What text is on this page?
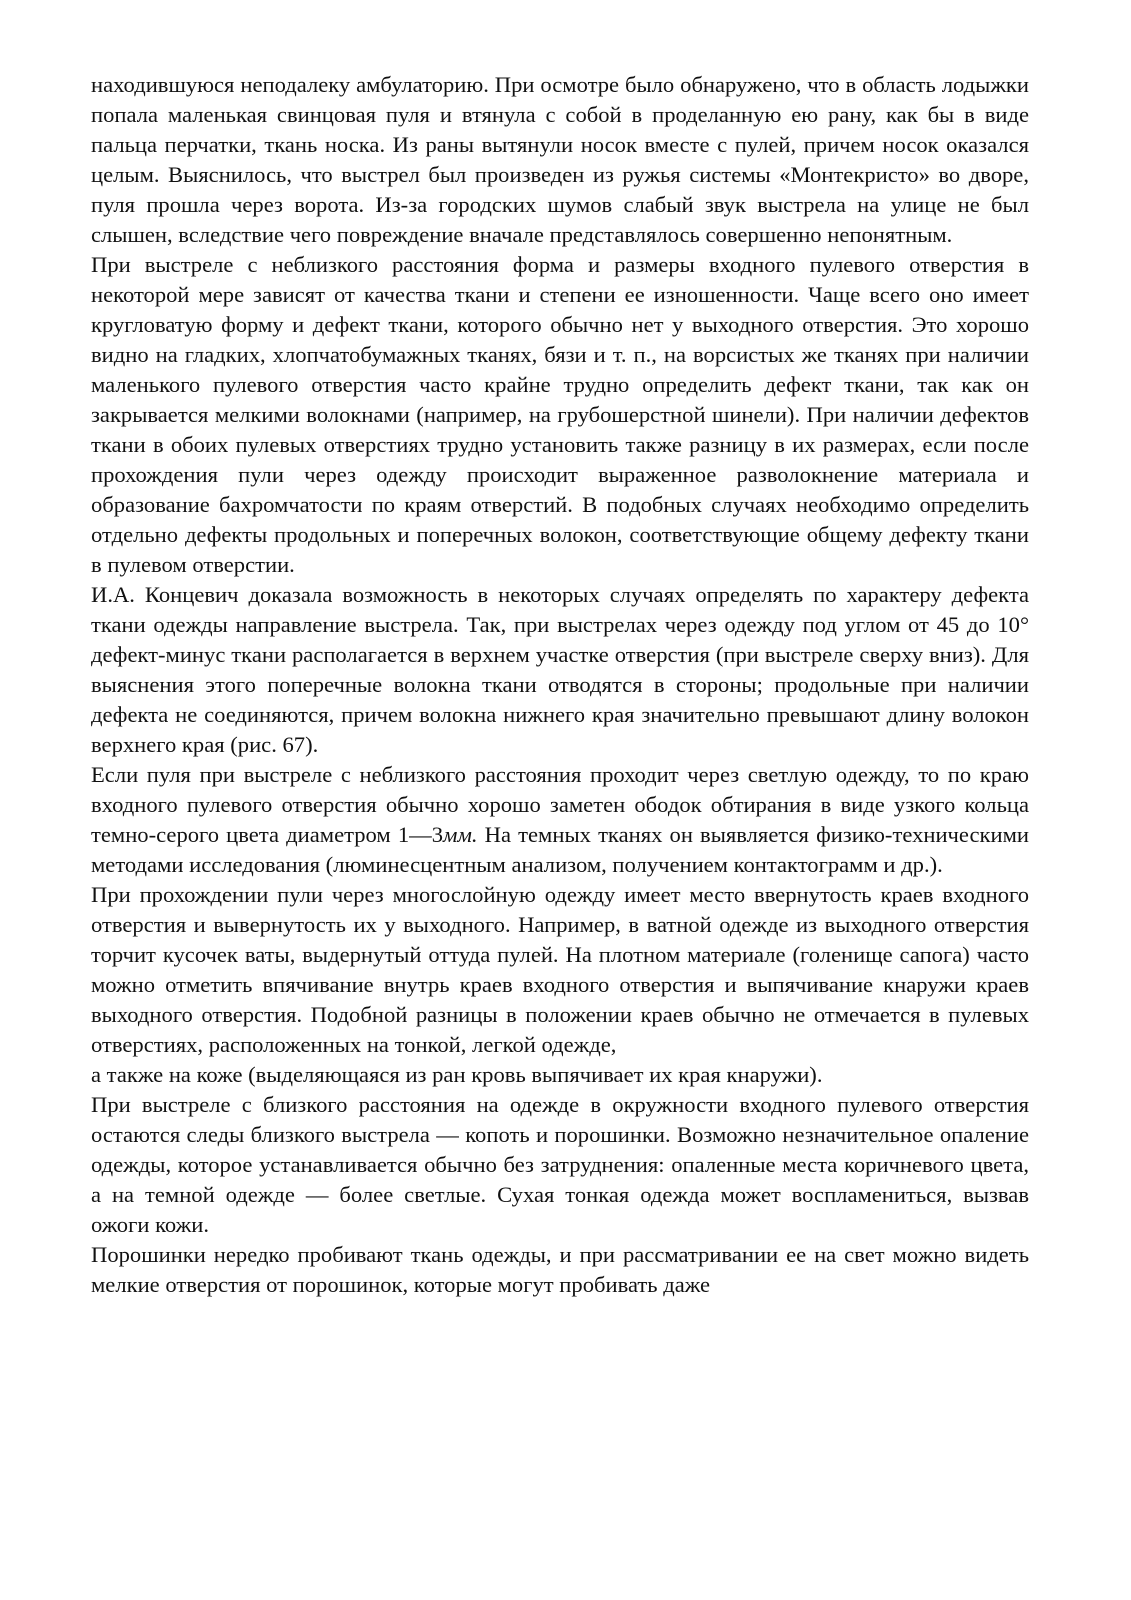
находившуюся неподалеку амбулаторию. При осмотре было обнаружено, что в область лодыжки попала маленькая свинцовая пуля и втянула с собой в проделанную ею рану, как бы в виде пальца перчатки, ткань носка. Из раны вытянули носок вместе с пулей, причем носок оказался целым. Выяснилось, что выстрел был произведен из ружья системы «Монтекристо» во дворе, пуля прошла через ворота. Из-за городских шумов слабый звук выстрела на улице не был слышен, вследствие чего повреждение вначале представлялось совершенно непонятным.

При выстреле с неблизкого расстояния форма и размеры входного пулевого отверстия в некоторой мере зависят от качества ткани и степени ее изношенности. Чаще всего оно имеет кругловатую форму и дефект ткани, которого обычно нет у выходного отверстия. Это хорошо видно на гладких, хлопчатобумажных тканях, бязи и т. п., на ворсистых же тканях при наличии маленького пулевого отверстия часто крайне трудно определить дефект ткани, так как он закрывается мелкими волокнами (например, на грубошерстной шинели). При наличии дефектов ткани в обоих пулевых отверстиях трудно установить также разницу в их размерах, если после прохождения пули через одежду происходит выраженное разволокнение материала и образование бахромчатости по краям отверстий. В подобных случаях необходимо определить отдельно дефекты продольных и поперечных волокон, соответствующие общему дефекту ткани в пулевом отверстии.

И.А. Концевич доказала возможность в некоторых случаях определять по характеру дефекта ткани одежды направление выстрела. Так, при выстрелах через одежду под углом от 45 до 10° дефект-минус ткани располагается в верхнем участке отверстия (при выстреле сверху вниз). Для выяснения этого поперечные волокна ткани отводятся в стороны; продольные при наличии дефекта не соединяются, причем волокна нижнего края значительно превышают длину волокон верхнего края (рис. 67).

Если пуля при выстреле с неблизкого расстояния проходит через светлую одежду, то по краю входного пулевого отверстия обычно хорошо заметен ободок обтирания в виде узкого кольца темно-серого цвета диаметром 1—3мм. На темных тканях он выявляется физико-техническими методами исследования (люминесцентным анализом, получением контактограмм и др.).

При прохождении пули через многослойную одежду имеет место ввернутость краев входного отверстия и вывернутость их у выходного. Например, в ватной одежде из выходного отверстия торчит кусочек ваты, выдернутый оттуда пулей. На плотном материале (голенище сапога) часто можно отметить впячивание внутрь краев входного отверстия и выпячивание кнаружи краев выходного отверстия. Подобной разницы в положении краев обычно не отмечается в пулевых отверстиях, расположенных на тонкой, легкой одежде,

а также на коже (выделяющаяся из ран кровь выпячивает их края кнаружи).

При выстреле с близкого расстояния на одежде в окружности входного пулевого отверстия остаются следы близкого выстрела — копоть и порошинки. Возможно незначительное опаление одежды, которое устанавливается обычно без затруднения: опаленные места коричневого цвета, а на темной одежде — более светлые. Сухая тонкая одежда может воспламениться, вызвав ожоги кожи.

Порошинки нередко пробивают ткань одежды, и при рассматривании ее на свет можно видеть мелкие отверстия от порошинок, которые могут пробивать даже
